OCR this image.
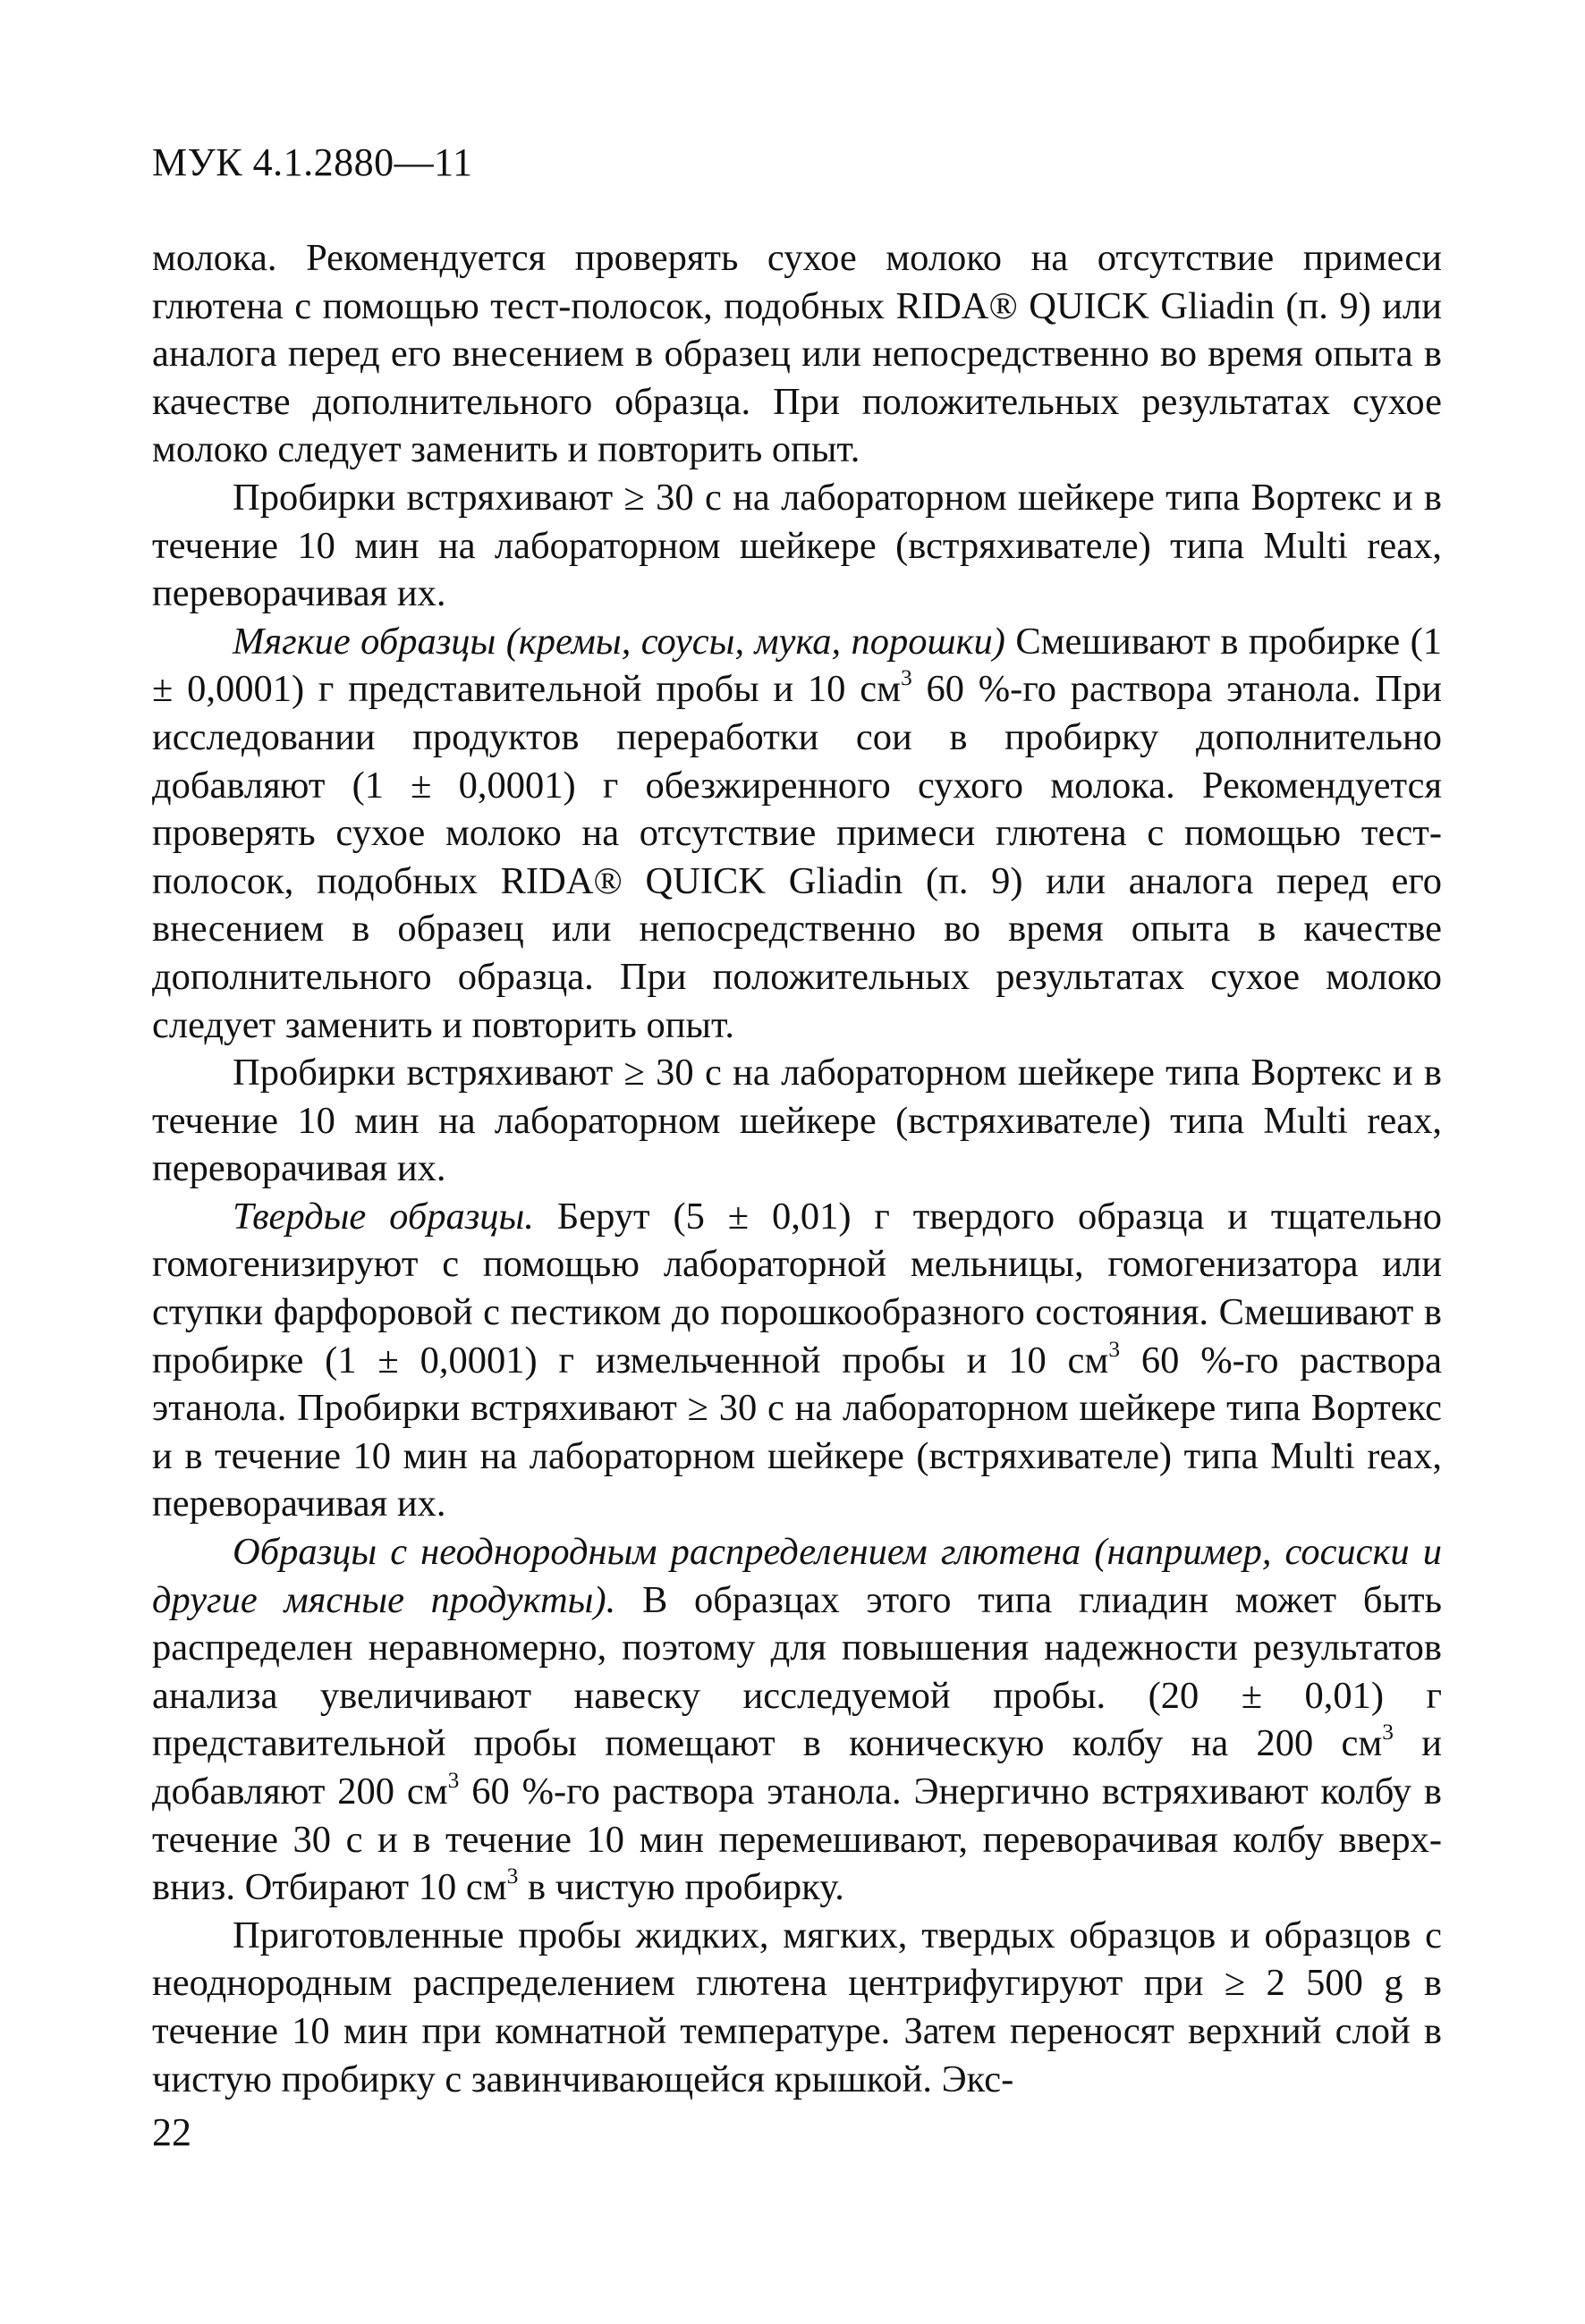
МУК 4.1.2880—11

молока. Рекомендуется проверять сухое молоко на отсутствие примеси глютена с помощью тест-полосок, подобных RIDA® QUICK Gliadin (п. 9) или аналога перед его внесением в образец или непосредственно во время опыта в качестве дополнительного образца. При положительных результатах сухое молоко следует заменить и повторить опыт.

Пробирки встряхивают ≥ 30 с на лабораторном шейкере типа Вортекс и в течение 10 мин на лабораторном шейкере (встряхивателе) типа Multi reax, переворачивая их.

Мягкие образцы (кремы, соусы, мука, порошки) Смешивают в пробирке (1 ± 0,0001) г представительной пробы и 10 $см^3$ 60 %-го раствора этанола. При исследовании продуктов переработки сои в пробирку дополнительно добавляют (1 ± 0,0001) г обезжиренного сухого молока. Рекомендуется проверять сухое молоко на отсутствие примеси глютена с помощью тест-полосок, подобных RIDA® QUICK Gliadin (п. 9) или аналога перед его внесением в образец или непосредственно во время опыта в качестве дополнительного образца. При положительных результатах сухое молоко следует заменить и повторить опыт.

Пробирки встряхивают ≥ 30 с на лабораторном шейкере типа Вортекс и в течение 10 мин на лабораторном шейкере (встряхивателе) типа Multi reax, переворачивая их.

Твердые образцы. Берут (5 ± 0,01) г твердого образца и тщательно гомогенизируют с помощью лабораторной мельницы, гомогенизатора или ступки фарфоровой с пестиком до порошкообразного состояния. Смешивают в пробирке (1 ± 0,0001) г измельченной пробы и 10 $см^3$ 60 %-го раствора этанола. Пробирки встряхивают ≥ 30 с на лабораторном шейкере типа Вортекс и в течение 10 мин на лабораторном шейкере (встряхивателе) типа Multi reax, переворачивая их.

Образцы с неоднородным распределением глютена (например, сосиски и другие мясные продукты). В образцах этого типа глиадин может быть распределен неравномерно, поэтому для повышения надежности результатов анализа увеличивают навеску исследуемой пробы. (20 ± 0,01) г представительной пробы помещают в коническую колбу на 200 $см^3$ и добавляют 200 $см^3$ 60 %-го раствора этанола. Энергично встряхивают колбу в течение 30 с и в течение 10 мин перемешивают, переворачивая колбу вверх-вниз. Отбирают 10 $см^3$ в чистую пробирку.

Приготовленные пробы жидких, мягких, твердых образцов и образцов с неоднородным распределением глютена центрифугируют при ≥ 2 500 g в течение 10 мин при комнатной температуре. Затем переносят верхний слой в чистую пробирку с завинчивающейся крышкой. Экс-

22
